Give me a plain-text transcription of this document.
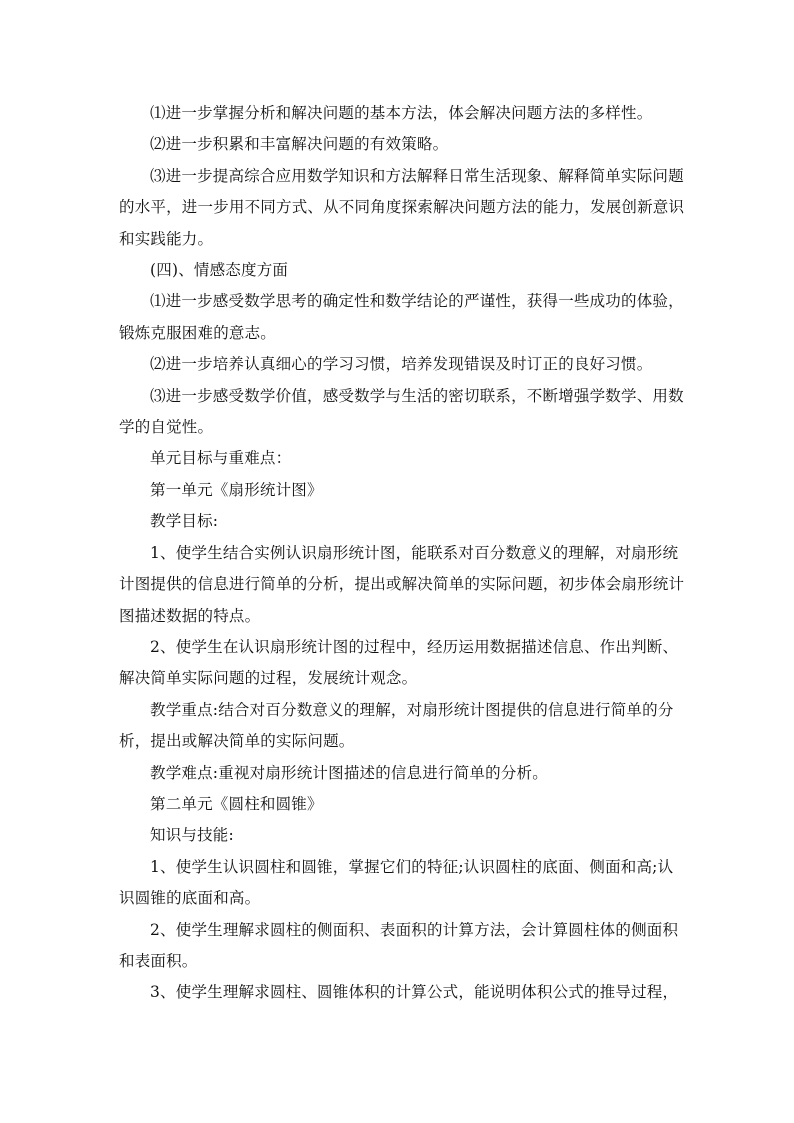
⑴进一步掌握分析和解决问题的基本方法，体会解决问题方法的多样性。

⑵进一步积累和丰富解决问题的有效策略。

⑶进一步提高综合应用数学知识和方法解释日常生活现象、解释简单实际问题的水平，进一步用不同方式、从不同角度探索解决问题方法的能力，发展创新意识和实践能力。

(四)、情感态度方面

⑴进一步感受数学思考的确定性和数学结论的严谨性，获得一些成功的体验，锻炼克服困难的意志。

⑵进一步培养认真细心的学习习惯，培养发现错误及时订正的良好习惯。

⑶进一步感受数学价值，感受数学与生活的密切联系，不断增强学数学、用数学的自觉性。

单元目标与重难点：

第一单元《扇形统计图》

教学目标:

1、使学生结合实例认识扇形统计图，能联系对百分数意义的理解，对扇形统计图提供的信息进行简单的分析，提出或解决简单的实际问题，初步体会扇形统计图描述数据的特点。

2、使学生在认识扇形统计图的过程中，经历运用数据描述信息、作出判断、解决简单实际问题的过程，发展统计观念。

教学重点:结合对百分数意义的理解，对扇形统计图提供的信息进行简单的分析，提出或解决简单的实际问题。

教学难点:重视对扇形统计图描述的信息进行简单的分析。

第二单元《圆柱和圆锥》

知识与技能:

1、使学生认识圆柱和圆锥，掌握它们的特征;认识圆柱的底面、侧面和高;认识圆锥的底面和高。

2、使学生理解求圆柱的侧面积、表面积的计算方法，会计算圆柱体的侧面积和表面积。

3、使学生理解求圆柱、圆锥体积的计算公式，能说明体积公式的推导过程，
